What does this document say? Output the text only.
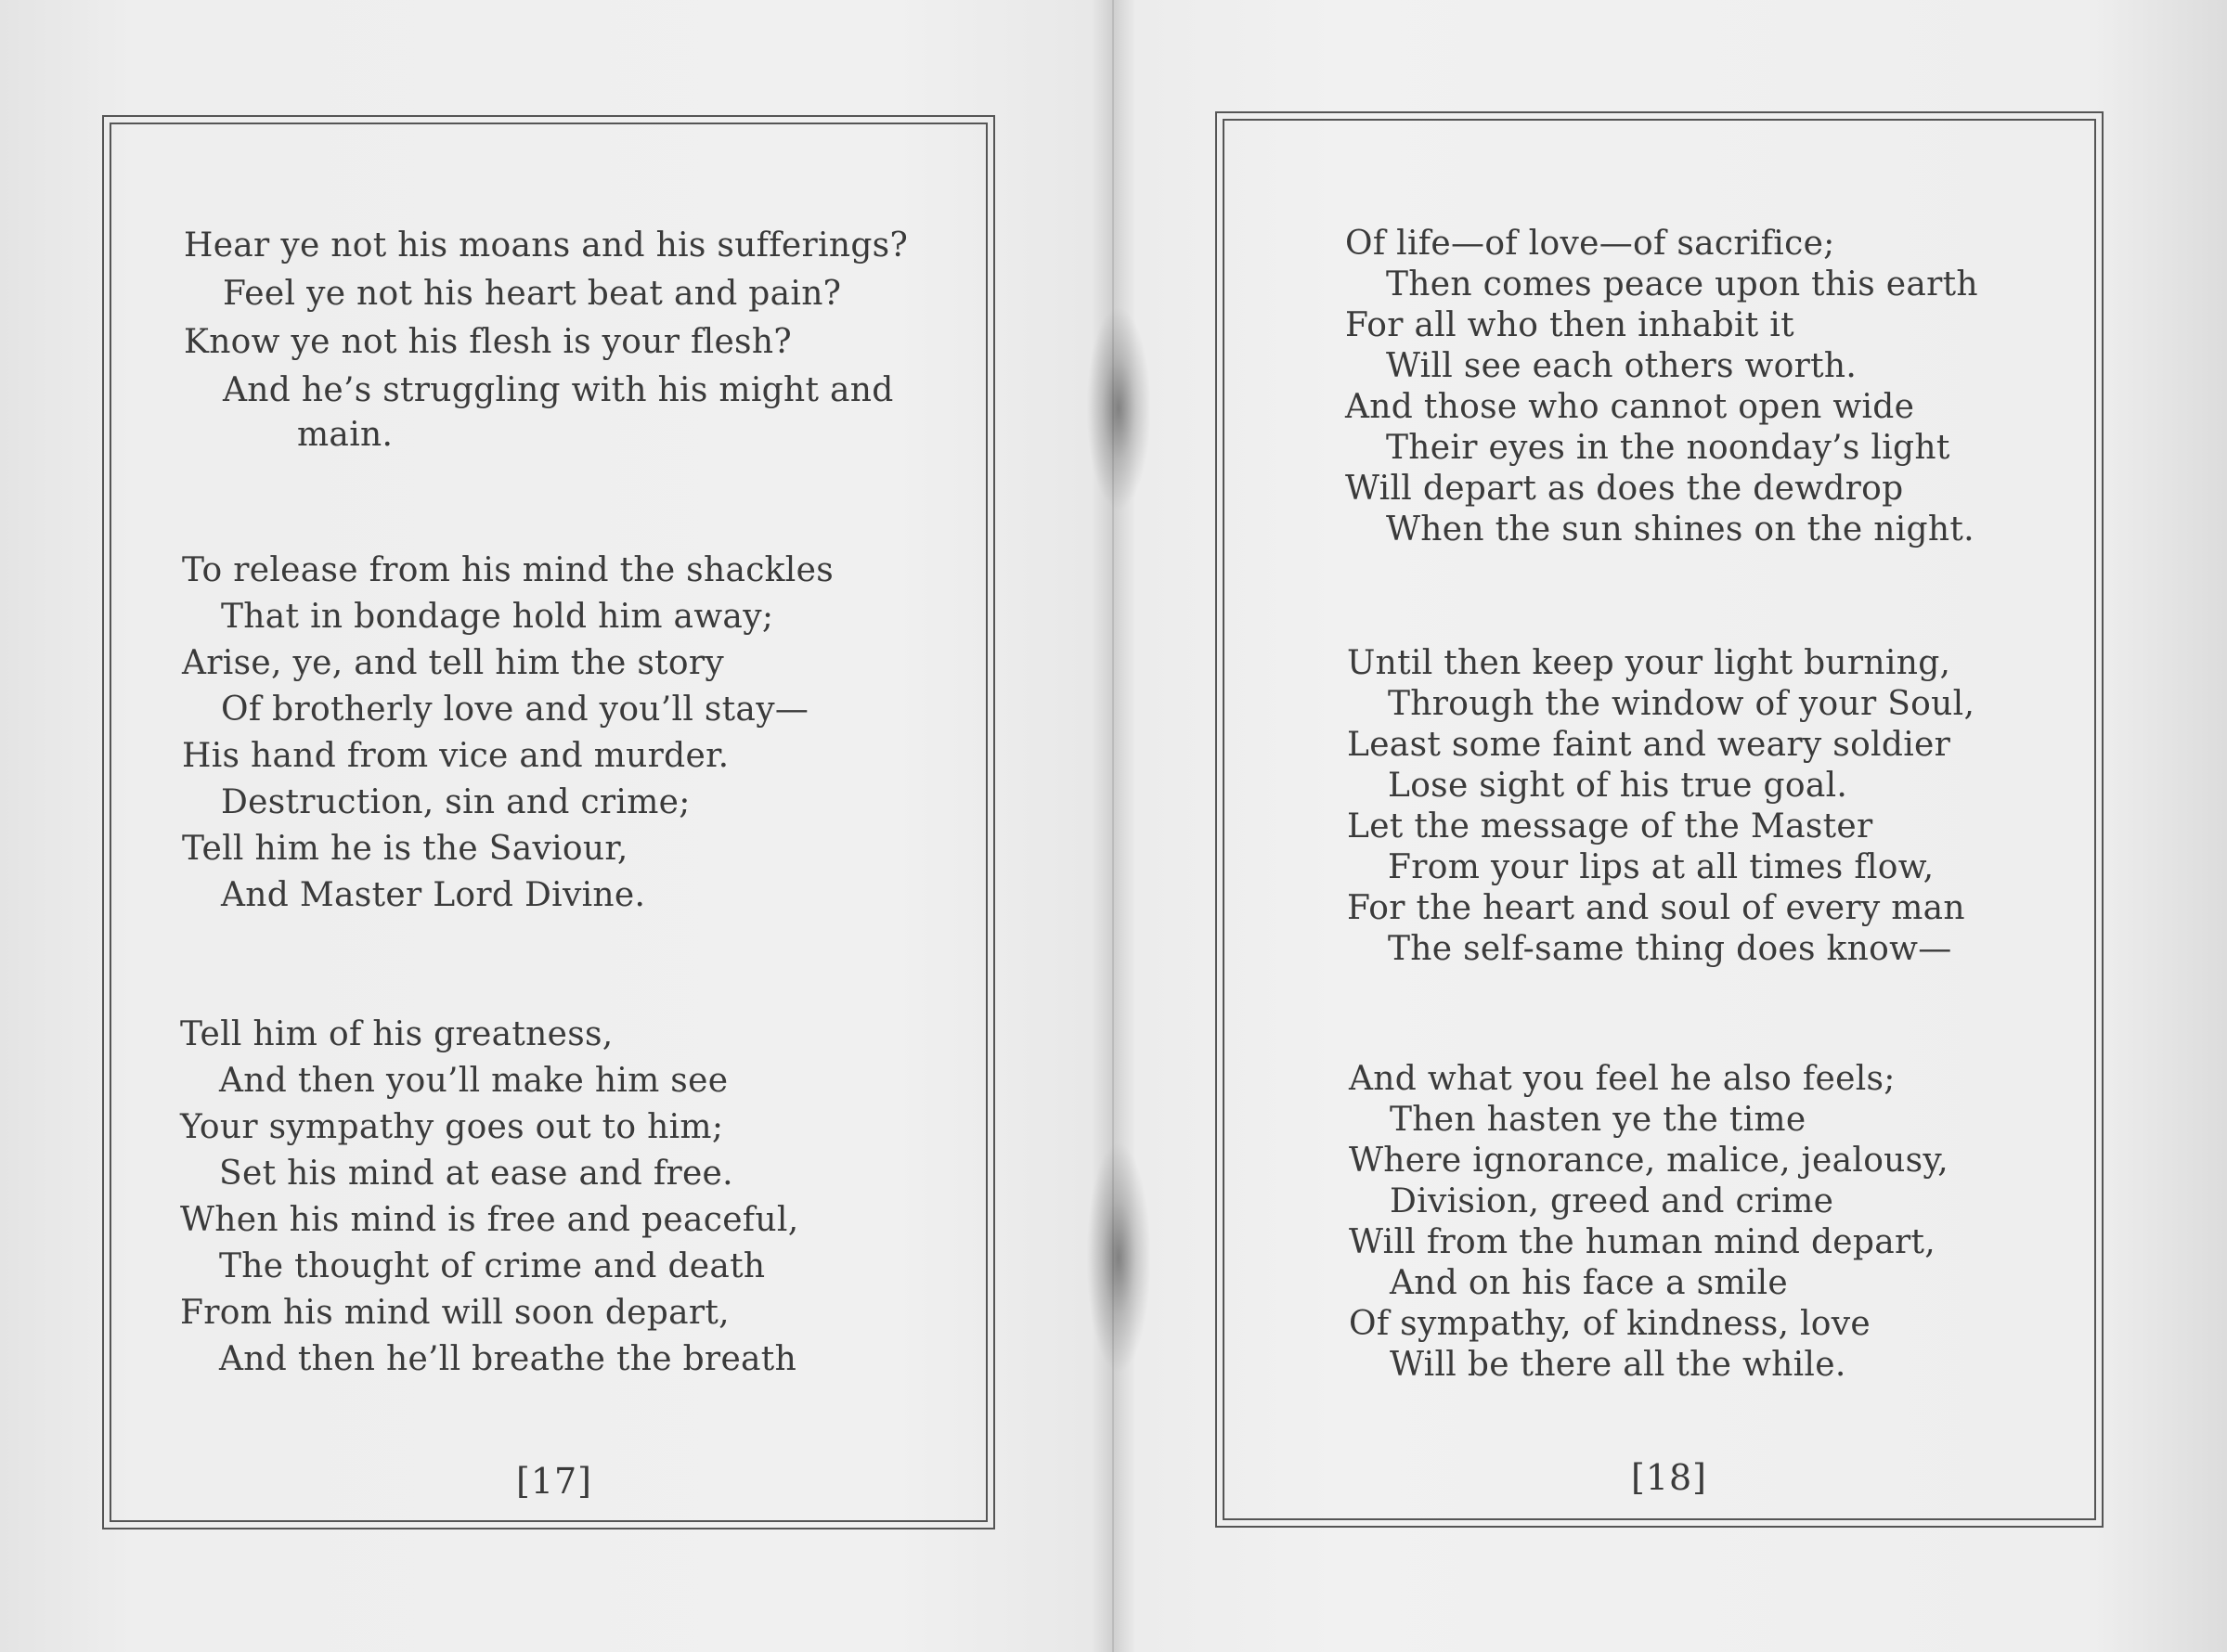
Hear ye not his moans and his sufferings?
Feel ye not his heart beat and pain?
Know ye not his flesh is your flesh?
And he’s struggling with his might and
main.
To release from his mind the shackles
That in bondage hold him away;
Arise, ye, and tell him the story
Of brotherly love and you’ll stay—
His hand from vice and murder.
Destruction, sin and crime;
Tell him he is the Saviour,
And Master Lord Divine.
Tell him of his greatness,
And then you’ll make him see
Your sympathy goes out to him;
Set his mind at ease and free.
When his mind is free and peaceful,
The thought of crime and death
From his mind will soon depart,
And then he’ll breathe the breath
[17]
Of life—of love—of sacrifice;
Then comes peace upon this earth
For all who then inhabit it
Will see each others worth.
And those who cannot open wide
Their eyes in the noonday’s light
Will depart as does the dewdrop
When the sun shines on the night.
Until then keep your light burning,
Through the window of your Soul,
Least some faint and weary soldier
Lose sight of his true goal.
Let the message of the Master
From your lips at all times flow,
For the heart and soul of every man
The self-same thing does know—
And what you feel he also feels;
Then hasten ye the time
Where ignorance, malice, jealousy,
Division, greed and crime
Will from the human mind depart,
And on his face a smile
Of sympathy, of kindness, love
Will be there all the while.
[18]
